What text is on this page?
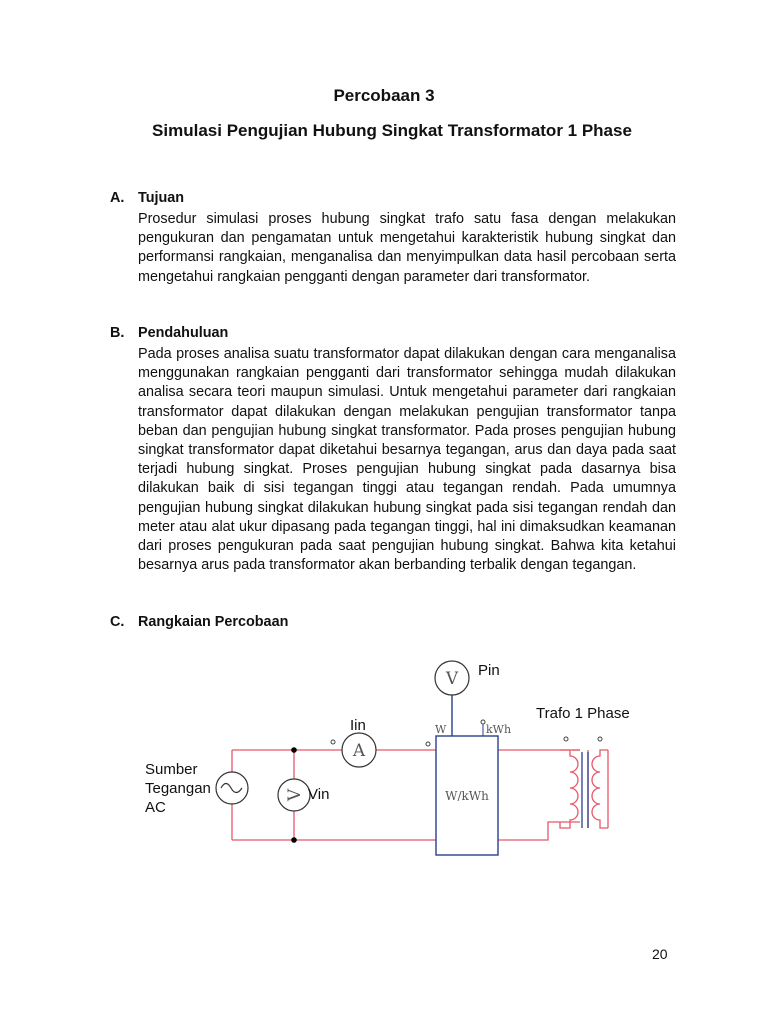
Percobaan 3
Simulasi Pengujian Hubung Singkat Transformator 1 Phase
A. Tujuan
Prosedur simulasi proses hubung singkat trafo satu fasa dengan melakukan pengukuran dan pengamatan untuk mengetahui karakteristik hubung singkat dan performansi rangkaian, menganalisa dan menyimpulkan data hasil percobaan serta mengetahui rangkaian pengganti dengan parameter dari transformator.
B. Pendahuluan
Pada proses analisa suatu transformator dapat dilakukan dengan cara menganalisa menggunakan rangkaian pengganti dari transformator sehingga mudah dilakukan analisa secara teori maupun simulasi. Untuk mengetahui parameter dari rangkaian transformator dapat dilakukan dengan melakukan pengujian transformator tanpa beban dan pengujian hubung singkat transformator. Pada proses pengujian hubung singkat transformator dapat diketahui besarnya tegangan, arus dan daya pada saat terjadi hubung singkat. Proses pengujian hubung singkat pada dasarnya bisa dilakukan baik di sisi tegangan tinggi atau tegangan rendah. Pada umumnya pengujian hubung singkat dilakukan hubung singkat pada sisi tegangan rendah dan meter atau alat ukur dipasang pada tegangan tinggi, hal ini dimaksudkan keamanan dari proses pengukuran pada saat pengujian hubung singkat. Bahwa kita ketahui besarnya arus pada transformator akan berbanding terbalik dengan tegangan.
C. Rangkaian Percobaan
Sumber
Tegangan
AC
A
Iin
V Vin
W	kWh
W/kWh
V Pin
Trafo 1 Phase
20
